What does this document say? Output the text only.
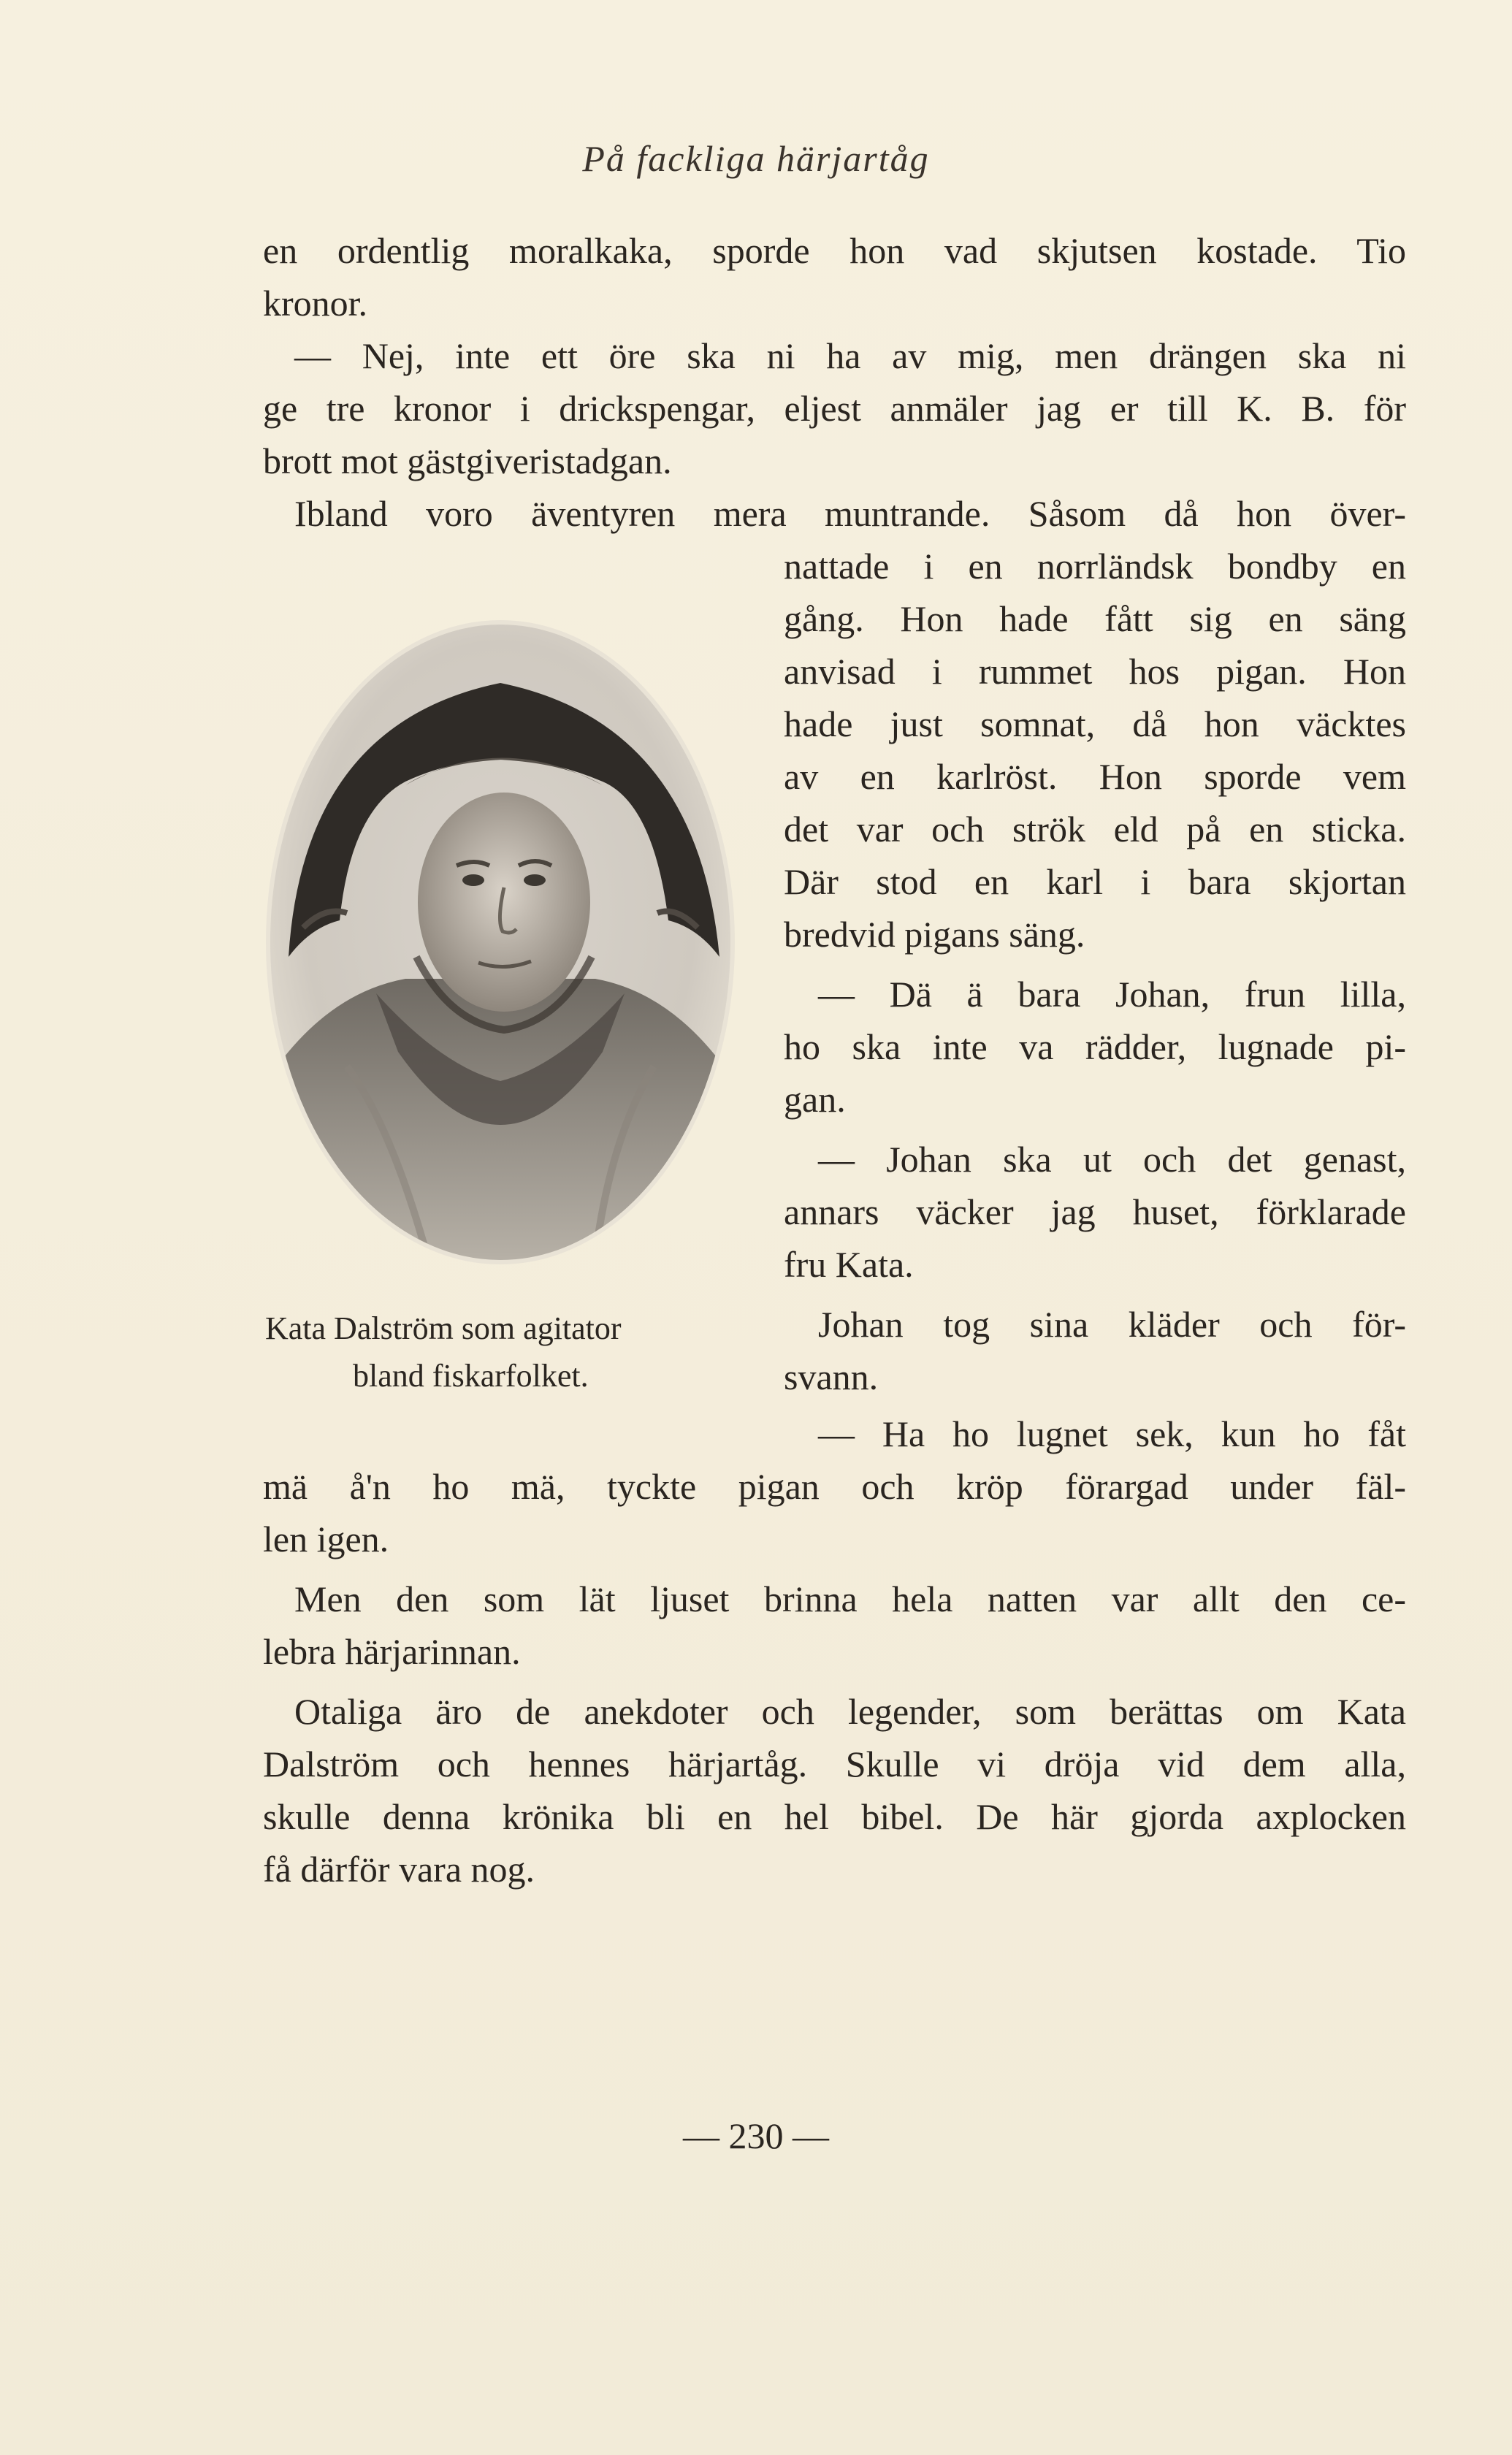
På fackliga härjartåg
en ordentlig moralkaka, sporde hon vad skjutsen kostade. Tio
kronor.
— Nej, inte ett öre ska ni ha av mig, men drängen ska ni
ge tre kronor i drickspengar, eljest anmäler jag er till K. B. för
brott mot gästgiveristadgan.
Ibland voro äventyren mera muntrande. Såsom då hon över-
nattade i en norrländsk bondby en
gång. Hon hade fått sig en säng
anvisad i rummet hos pigan. Hon
hade just somnat, då hon väcktes
av en karlröst. Hon sporde vem
det var och strök eld på en sticka.
Där stod en karl i bara skjortan
bredvid pigans säng.
— Dä ä bara Johan, frun lilla,
ho ska inte va rädder, lugnade pi-
gan.
— Johan ska ut och det genast,
annars väcker jag huset, förklarade
fru Kata.
Johan tog sina kläder och för-
svann.
Kata Dalström som agitator
bland fiskarfolket.
— Ha ho lugnet sek, kun ho fåt
mä å'n ho mä, tyckte pigan och kröp förargad under fäl-
len igen.
Men den som lät ljuset brinna hela natten var allt den ce-
lebra härjarinnan.
Otaliga äro de anekdoter och legender, som berättas om Kata
Dalström och hennes härjartåg. Skulle vi dröja vid dem alla,
skulle denna krönika bli en hel bibel. De här gjorda axplocken
få därför vara nog.
— 230 —
